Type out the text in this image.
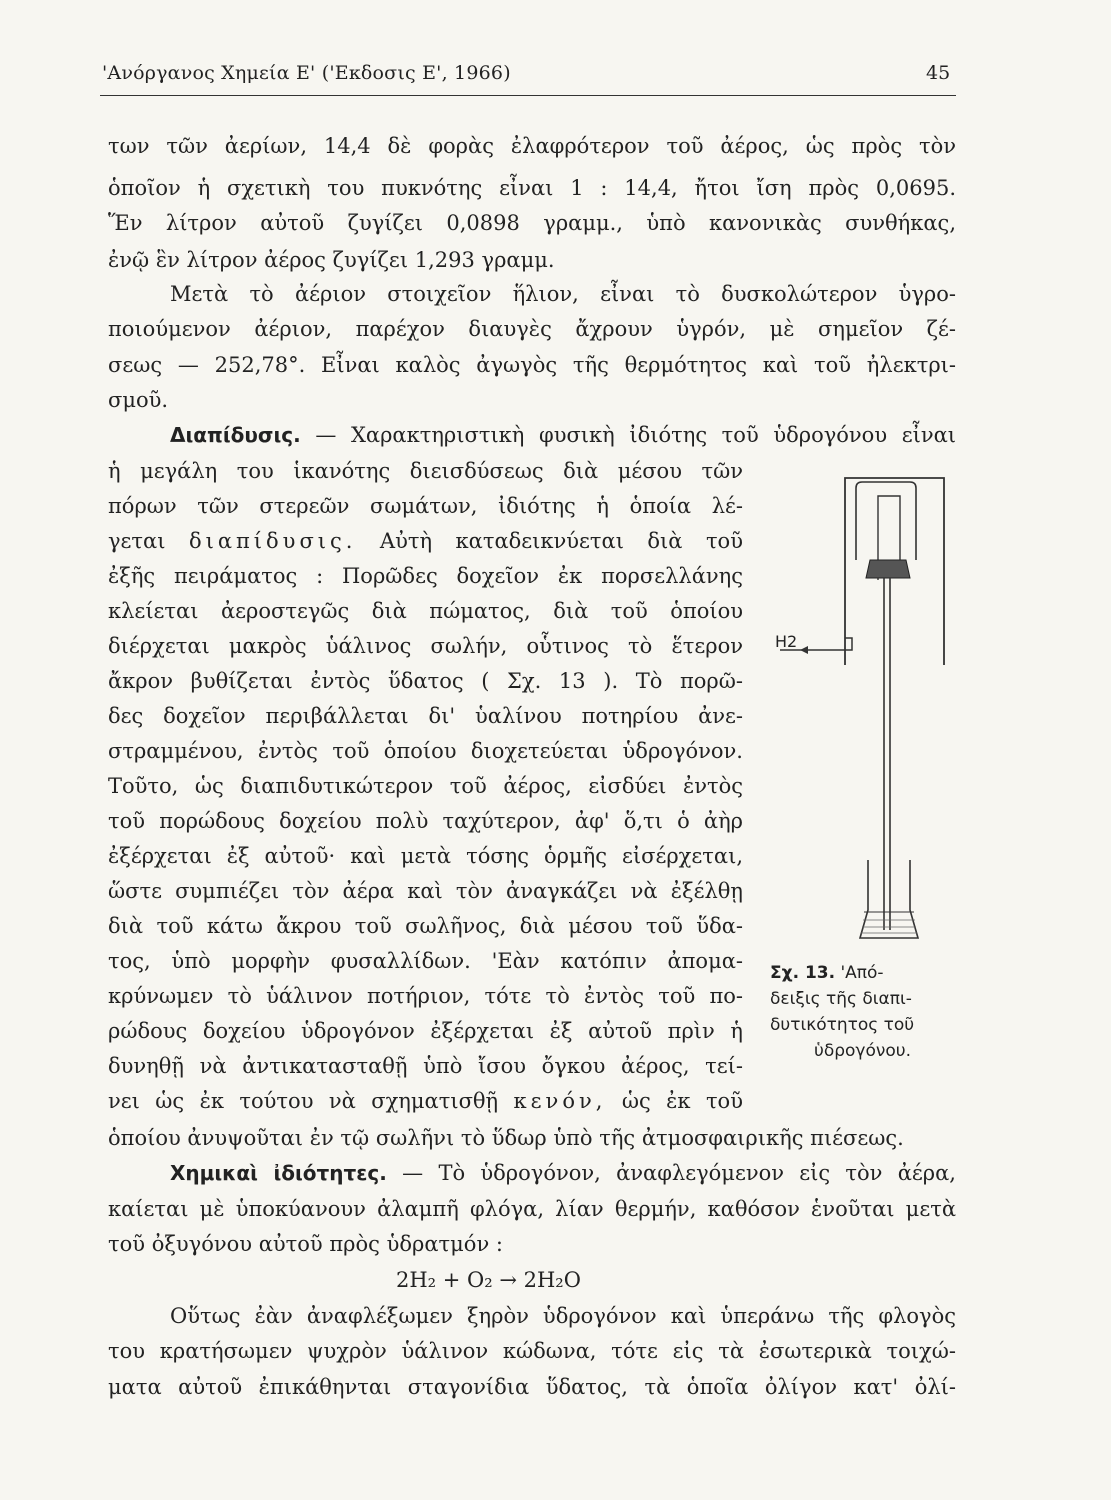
'Ανόργανος Χημεία Ε' ('Εκδοσις Ε', 1966)	45
των τῶν ἀερίων, 14,4 δὲ φορὰς ἐλαφρότερον τοῦ ἀέρος, ὡς πρὸς τὸν
ὁποῖον ἡ σχετικὴ του πυκνότης εἶναι 1 : 14,4, ἤτοι ἴση πρὸς 0,0695.
Ἕν λίτρον αὐτοῦ ζυγίζει 0,0898 γραμμ., ὑπὸ κανονικὰς συνθήκας,
ἐνῷ ἓν λίτρον ἀέρος ζυγίζει 1,293 γραμμ.
Μετὰ τὸ ἀέριον στοιχεῖον ἥλιον, εἶναι τὸ δυσκολώτερον ὑγρο-
ποιούμενον ἀέριον, παρέχον διαυγὲς ἄχρουν ὑγρόν, μὲ σημεῖον ζέ-
σεως — 252,78°. Εἶναι καλὸς ἀγωγὸς τῆς θερμότητος καὶ τοῦ ἠλεκτρι-
σμοῦ.
Διαπίδυσις. — Χαρακτηριστικὴ φυσικὴ ἰδιότης τοῦ ὑδρογόνου εἶναι
ἡ μεγάλη του ἱκανότης διεισδύσεως διὰ μέσου τῶν
πόρων τῶν στερεῶν σωμάτων, ἰδιότης ἡ ὁποία λέ-
γεται διαπίδυσις. Αὐτὴ καταδεικνύεται διὰ τοῦ
ἐξῆς πειράματος : Πορῶδες δοχεῖον ἐκ πορσελλάνης
κλείεται ἀεροστεγῶς διὰ πώματος, διὰ τοῦ ὁποίου
διέρχεται μακρὸς ὑάλινος σωλήν, οὗτινος τὸ ἕτερον
ἄκρον βυθίζεται ἐντὸς ὕδατος ( Σχ. 13 ). Τὸ πορῶ-
δες δοχεῖον περιβάλλεται δι' ὑαλίνου ποτηρίου ἀνε-
στραμμένου, ἐντὸς τοῦ ὁποίου διοχετεύεται ὑδρογόνον.
Τοῦτο, ὡς διαπιδυτικώτερον τοῦ ἀέρος, εἰσδύει ἐντὸς
τοῦ πορώδους δοχείου πολὺ ταχύτερον, ἀφ' ὅ,τι ὁ ἀὴρ
ἐξέρχεται ἐξ αὐτοῦ· καὶ μετὰ τόσης ὁρμῆς εἰσέρχεται,
ὥστε συμπιέζει τὸν ἀέρα καὶ τὸν ἀναγκάζει νὰ ἐξέλθῃ
διὰ τοῦ κάτω ἄκρου τοῦ σωλῆνος, διὰ μέσου τοῦ ὕδα-
τος, ὑπὸ μορφὴν φυσαλλίδων. 'Εὰν κατόπιν ἀπομα-
κρύνωμεν τὸ ὑάλινον ποτήριον, τότε τὸ ἐντὸς τοῦ πο-
ρώδους δοχείου ὑδρογόνον ἐξέρχεται ἐξ αὐτοῦ πρὶν ἡ
δυνηθῇ νὰ ἀντικατασταθῇ ὑπὸ ἴσου ὄγκου ἀέρος, τεί-
νει ὡς ἐκ τούτου νὰ σχηματισθῇ κενόν, ὡς ἐκ τοῦ
ὁποίου ἀνυψοῦται ἐν τῷ σωλῆνι τὸ ὕδωρ ὑπὸ τῆς ἀτμοσφαιρικῆς πιέσεως.
Χημικαὶ ἰδιότητες. — Τὸ ὑδρογόνον, ἀναφλεγόμενον εἰς τὸν ἀέρα,
καίεται μὲ ὑποκύανουν ἀλαμπῆ φλόγα, λίαν θερμήν, καθόσον ἑνοῦται μετὰ
τοῦ ὀξυγόνου αὐτοῦ πρὸς ὑδρατμόν :
2H₂ + O₂ → 2H₂O
Οὕτως ἐὰν ἀναφλέξωμεν ξηρὸν ὑδρογόνον καὶ ὑπεράνω τῆς φλογὸς
του κρατήσωμεν ψυχρὸν ὑάλινον κώδωνα, τότε εἰς τὰ ἐσωτερικὰ τοιχώ-
ματα αὐτοῦ ἐπικάθηνται σταγονίδια ὕδατος, τὰ ὁποῖα ὀλίγον κατ' ὀλί-
H2
Σχ. 13. 'Από-
δειξις τῆς διαπι-
δυτικότητος τοῦ
ὑδρογόνου.
